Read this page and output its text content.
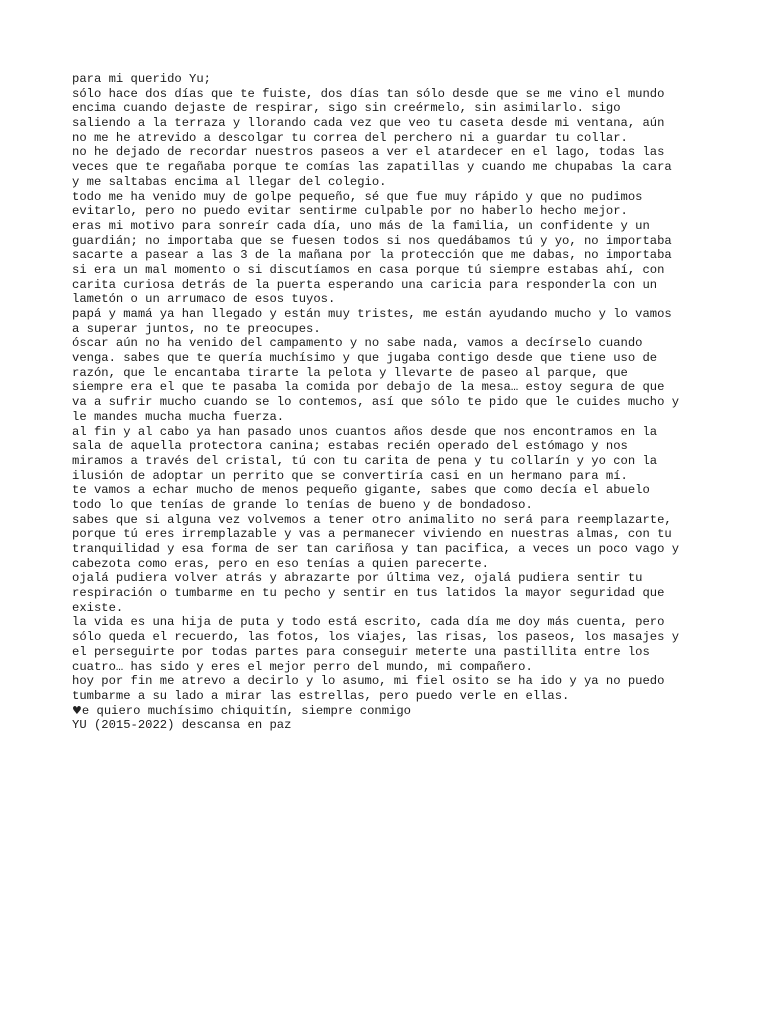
para mi querido Yu;
sólo hace dos días que te fuiste, dos días tan sólo desde que se me vino el mundo
encima cuando dejaste de respirar, sigo sin creérmelo, sin asimilarlo. sigo
saliendo a la terraza y llorando cada vez que veo tu caseta desde mi ventana, aún
no me he atrevido a descolgar tu correa del perchero ni a guardar tu collar.
no he dejado de recordar nuestros paseos a ver el atardecer en el lago, todas las
veces que te regañaba porque te comías las zapatillas y cuando me chupabas la cara
y me saltabas encima al llegar del colegio.
todo me ha venido muy de golpe pequeño, sé que fue muy rápido y que no pudimos
evitarlo, pero no puedo evitar sentirme culpable por no haberlo hecho mejor.
eras mi motivo para sonreír cada día, uno más de la familia, un confidente y un
guardián; no importaba que se fuesen todos si nos quedábamos tú y yo, no importaba
sacarte a pasear a las 3 de la mañana por la protección que me dabas, no importaba
si era un mal momento o si discutíamos en casa porque tú siempre estabas ahí, con
carita curiosa detrás de la puerta esperando una caricia para responderla con un
lametón o un arrumaco de esos tuyos.
papá y mamá ya han llegado y están muy tristes, me están ayudando mucho y lo vamos
a superar juntos, no te preocupes.
óscar aún no ha venido del campamento y no sabe nada, vamos a decírselo cuando
venga. sabes que te quería muchísimo y que jugaba contigo desde que tiene uso de
razón, que le encantaba tirarte la pelota y llevarte de paseo al parque, que
siempre era el que te pasaba la comida por debajo de la mesa… estoy segura de que
va a sufrir mucho cuando se lo contemos, así que sólo te pido que le cuides mucho y
le mandes mucha mucha fuerza.
al fin y al cabo ya han pasado unos cuantos años desde que nos encontramos en la
sala de aquella protectora canina; estabas recién operado del estómago y nos
miramos a través del cristal, tú con tu carita de pena y tu collarín y yo con la
ilusión de adoptar un perrito que se convertiría casi en un hermano para mí.
te vamos a echar mucho de menos pequeño gigante, sabes que como decía el abuelo
todo lo que tenías de grande lo tenías de bueno y de bondadoso.
sabes que si alguna vez volvemos a tener otro animalito no será para reemplazarte,
porque tú eres irremplazable y vas a permanecer viviendo en nuestras almas, con tu
tranquilidad y esa forma de ser tan cariñosa y tan pacifica, a veces un poco vago y
cabezota como eras, pero en eso tenías a quien parecerte.
ojalá pudiera volver atrás y abrazarte por última vez, ojalá pudiera sentir tu
respiración o tumbarme en tu pecho y sentir en tus latidos la mayor seguridad que
existe.
la vida es una hija de puta y todo está escrito, cada día me doy más cuenta, pero
sólo queda el recuerdo, las fotos, los viajes, las risas, los paseos, los masajes y
el perseguirte por todas partes para conseguir meterte una pastillita entre los
cuatro… has sido y eres el mejor perro del mundo, mi compañero.
hoy por fin me atrevo a decirlo y lo asumo, mi fiel osito se ha ido y ya no puedo
tumbarme a su lado a mirar las estrellas, pero puedo verle en ellas.
♥e quiero muchísimo chiquitín, siempre conmigo
YU (2015-2022) descansa en paz
